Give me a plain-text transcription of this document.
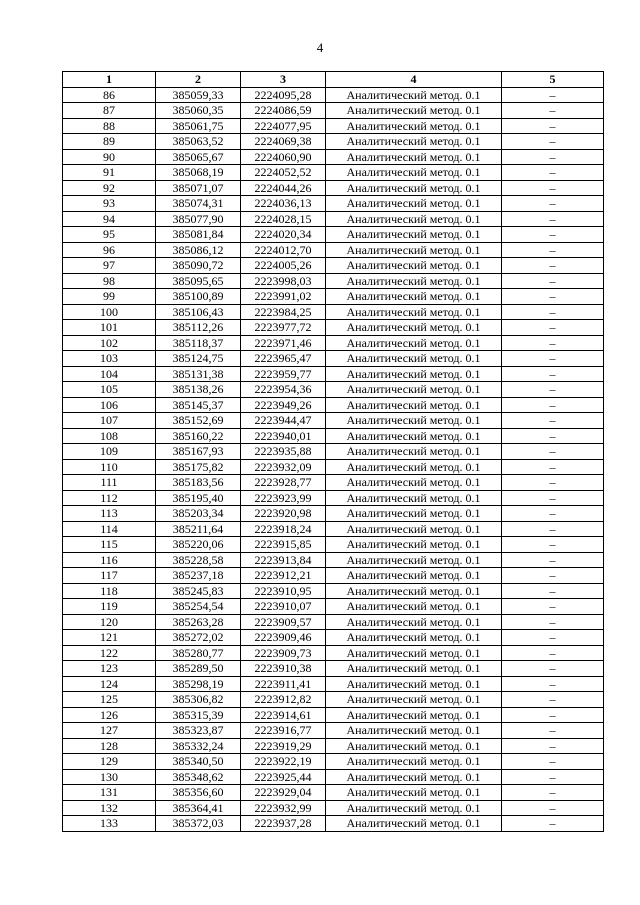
4
1	2	3	4	5
86	385059,33	2224095,28	Аналитический метод. 0.1	–
87	385060,35	2224086,59	Аналитический метод. 0.1	–
88	385061,75	2224077,95	Аналитический метод. 0.1	–
89	385063,52	2224069,38	Аналитический метод. 0.1	–
90	385065,67	2224060,90	Аналитический метод. 0.1	–
91	385068,19	2224052,52	Аналитический метод. 0.1	–
92	385071,07	2224044,26	Аналитический метод. 0.1	–
93	385074,31	2224036,13	Аналитический метод. 0.1	–
94	385077,90	2224028,15	Аналитический метод. 0.1	–
95	385081,84	2224020,34	Аналитический метод. 0.1	–
96	385086,12	2224012,70	Аналитический метод. 0.1	–
97	385090,72	2224005,26	Аналитический метод. 0.1	–
98	385095,65	2223998,03	Аналитический метод. 0.1	–
99	385100,89	2223991,02	Аналитический метод. 0.1	–
100	385106,43	2223984,25	Аналитический метод. 0.1	–
101	385112,26	2223977,72	Аналитический метод. 0.1	–
102	385118,37	2223971,46	Аналитический метод. 0.1	–
103	385124,75	2223965,47	Аналитический метод. 0.1	–
104	385131,38	2223959,77	Аналитический метод. 0.1	–
105	385138,26	2223954,36	Аналитический метод. 0.1	–
106	385145,37	2223949,26	Аналитический метод. 0.1	–
107	385152,69	2223944,47	Аналитический метод. 0.1	–
108	385160,22	2223940,01	Аналитический метод. 0.1	–
109	385167,93	2223935,88	Аналитический метод. 0.1	–
110	385175,82	2223932,09	Аналитический метод. 0.1	–
111	385183,56	2223928,77	Аналитический метод. 0.1	–
112	385195,40	2223923,99	Аналитический метод. 0.1	–
113	385203,34	2223920,98	Аналитический метод. 0.1	–
114	385211,64	2223918,24	Аналитический метод. 0.1	–
115	385220,06	2223915,85	Аналитический метод. 0.1	–
116	385228,58	2223913,84	Аналитический метод. 0.1	–
117	385237,18	2223912,21	Аналитический метод. 0.1	–
118	385245,83	2223910,95	Аналитический метод. 0.1	–
119	385254,54	2223910,07	Аналитический метод. 0.1	–
120	385263,28	2223909,57	Аналитический метод. 0.1	–
121	385272,02	2223909,46	Аналитический метод. 0.1	–
122	385280,77	2223909,73	Аналитический метод. 0.1	–
123	385289,50	2223910,38	Аналитический метод. 0.1	–
124	385298,19	2223911,41	Аналитический метод. 0.1	–
125	385306,82	2223912,82	Аналитический метод. 0.1	–
126	385315,39	2223914,61	Аналитический метод. 0.1	–
127	385323,87	2223916,77	Аналитический метод. 0.1	–
128	385332,24	2223919,29	Аналитический метод. 0.1	–
129	385340,50	2223922,19	Аналитический метод. 0.1	–
130	385348,62	2223925,44	Аналитический метод. 0.1	–
131	385356,60	2223929,04	Аналитический метод. 0.1	–
132	385364,41	2223932,99	Аналитический метод. 0.1	–
133	385372,03	2223937,28	Аналитический метод. 0.1	–
